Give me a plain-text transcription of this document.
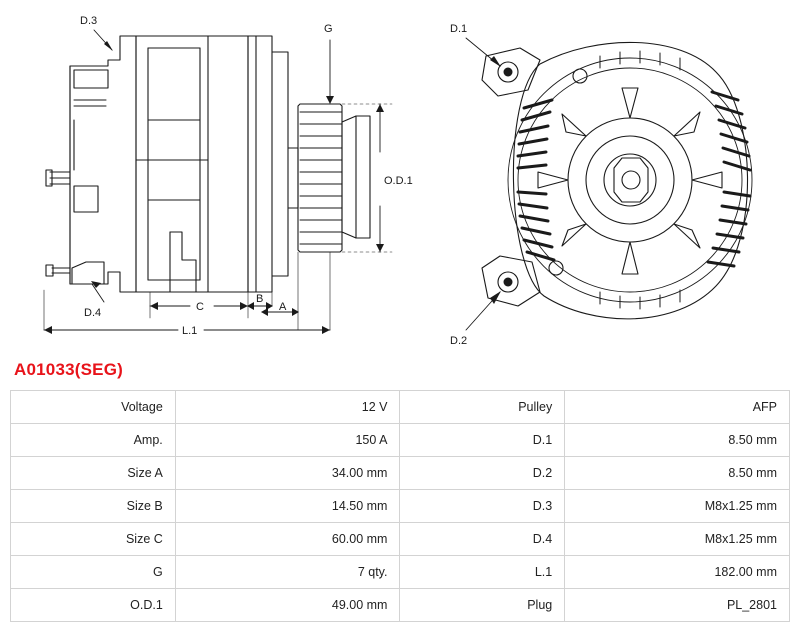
D.3
D.4
G
O.D.1
C
B
A
L.1
D.1
D.2
A01033(SEG)
Voltage	12 V	Pulley	AFP
Amp.	150 A	D.1	8.50 mm
Size A	34.00 mm	D.2	8.50 mm
Size B	14.50 mm	D.3	M8x1.25 mm
Size C	60.00 mm	D.4	M8x1.25 mm
G	7 qty.	L.1	182.00 mm
O.D.1	49.00 mm	Plug	PL_2801
